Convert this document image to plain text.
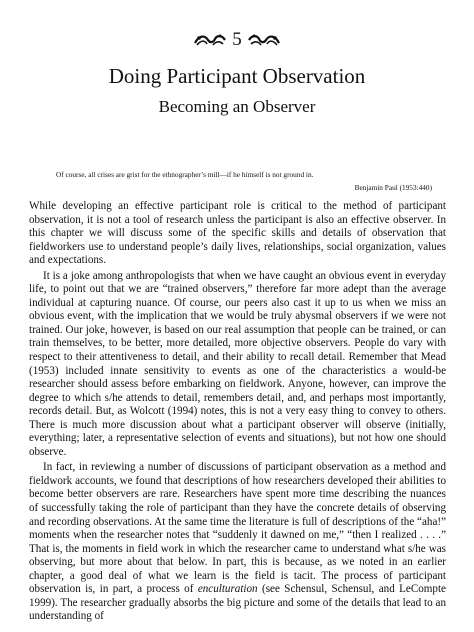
5
Doing Participant Observation
Becoming an Observer
Of course, all crises are grist for the ethnographer’s mill—if he himself is not ground in.
Benjamin Paul (1953:440)

While developing an effective participant role is critical to the method of participant observation, it is not a tool of research unless the participant is also an effective observer. In this chapter we will discuss some of the specific skills and details of observation that fieldworkers use to understand people’s daily lives, relationships, social organization, values and expectations.

It is a joke among anthropologists that when we have caught an obvious event in everyday life, to point out that we are “trained observers,” therefore far more adept than the average individual at capturing nuance. Of course, our peers also cast it up to us when we miss an obvious event, with the implication that we would be truly abysmal observers if we were not trained. Our joke, however, is based on our real assumption that people can be trained, or can train themselves, to be better, more detailed, more objective observers. People do vary with respect to their attentiveness to detail, and their ability to recall detail. Remember that Mead (1953) included innate sensitivity to events as one of the characteristics a would-be researcher should assess before embarking on fieldwork. Anyone, however, can improve the degree to which s/he attends to detail, remembers detail, and, and perhaps most importantly, records detail. But, as Wolcott (1994) notes, this is not a very easy thing to convey to others. There is much more discussion about what a participant observer will observe (initially, everything; later, a representative selection of events and situations), but not how one should observe.

In fact, in reviewing a number of discussions of participant observation as a method and fieldwork accounts, we found that descriptions of how researchers developed their abilities to become better observers are rare. Researchers have spent more time describing the nuances of successfully taking the role of participant than they have the concrete details of observing and recording observations. At the same time the literature is full of descriptions of the “aha!” moments when the researcher notes that “suddenly it dawned on me,” “then I realized . . . .” That is, the moments in field work in which the researcher came to understand what s/he was observing, but more about that below. In part, this is because, as we noted in an earlier chapter, a good deal of what we learn is the field is tacit. The process of participant observation is, in part, a process of enculturation (see Schensul, Schensul, and LeCompte 1999). The researcher gradually absorbs the big picture and some of the details that lead to an understanding of
